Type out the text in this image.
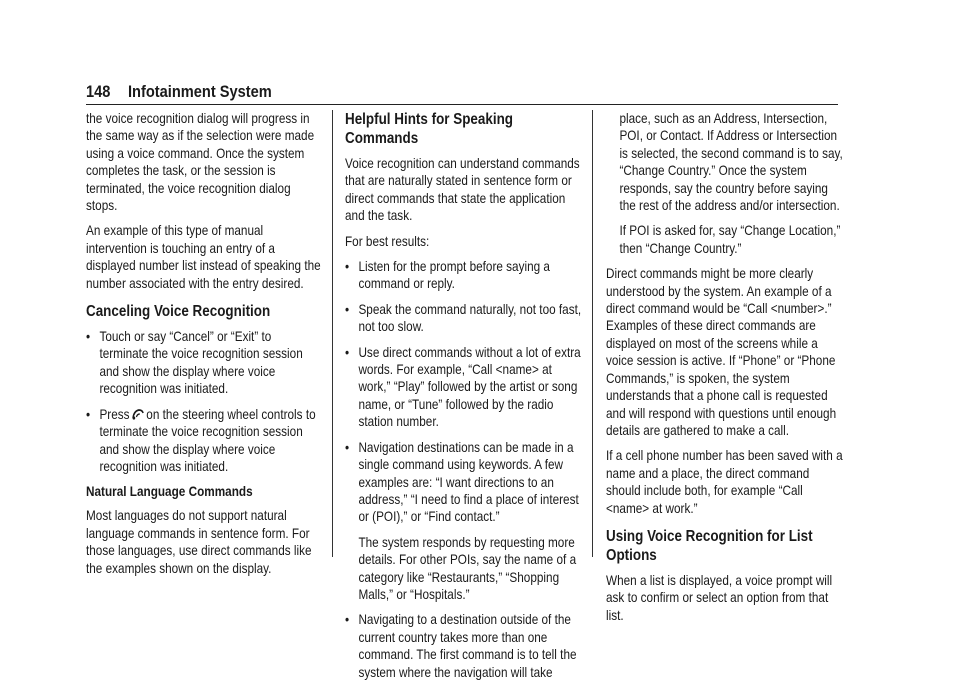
148 Infotainment System

the voice recognition dialog will progress in the same way as if the selection were made using a voice command. Once the system completes the task, or the session is terminated, the voice recognition dialog stops.

An example of this type of manual intervention is touching an entry of a displayed number list instead of speaking the number associated with the entry desired.

Canceling Voice Recognition
• Touch or say “Cancel” or “Exit” to terminate the voice recognition session and show the display where voice recognition was initiated.
• Press on the steering wheel controls to terminate the voice recognition session and show the display where voice recognition was initiated.
Natural Language Commands

Most languages do not support natural language commands in sentence form. For those languages, use direct commands like the examples shown on the display.

Helpful Hints for Speaking Commands

Voice recognition can understand commands that are naturally stated in sentence form or direct commands that state the application and the task.

For best results:

• Listen for the prompt before saying a command or reply.
• Speak the command naturally, not too fast, not too slow.
• Use direct commands without a lot of extra words. For example, “Call <name> at work,” “Play” followed by the artist or song name, or “Tune” followed by the radio station number.
• Navigation destinations can be made in a single command using keywords. A few examples are: “I want directions to an address,” “I need to find a place of interest or (POI),” or “Find contact.”

The system responds by requesting more details. For other POIs, say the name of a category like “Restaurants,” “Shopping Malls,” or “Hospitals.”

• Navigating to a destination outside of the current country takes more than one command. The first command is to tell the system where the navigation will take

place, such as an Address, Intersection, POI, or Contact. If Address or Intersection is selected, the second command is to say, “Change Country.” Once the system responds, say the country before saying the rest of the address and/or intersection.

If POI is asked for, say “Change Location,” then “Change Country.”

Direct commands might be more clearly understood by the system. An example of a direct command would be “Call <number>.” Examples of these direct commands are displayed on most of the screens while a voice session is active. If “Phone” or “Phone Commands,” is spoken, the system understands that a phone call is requested and will respond with questions until enough details are gathered to make a call.

If a cell phone number has been saved with a name and a place, the direct command should include both, for example “Call <name> at work.”

Using Voice Recognition for List Options

When a list is displayed, a voice prompt will ask to confirm or select an option from that list.
